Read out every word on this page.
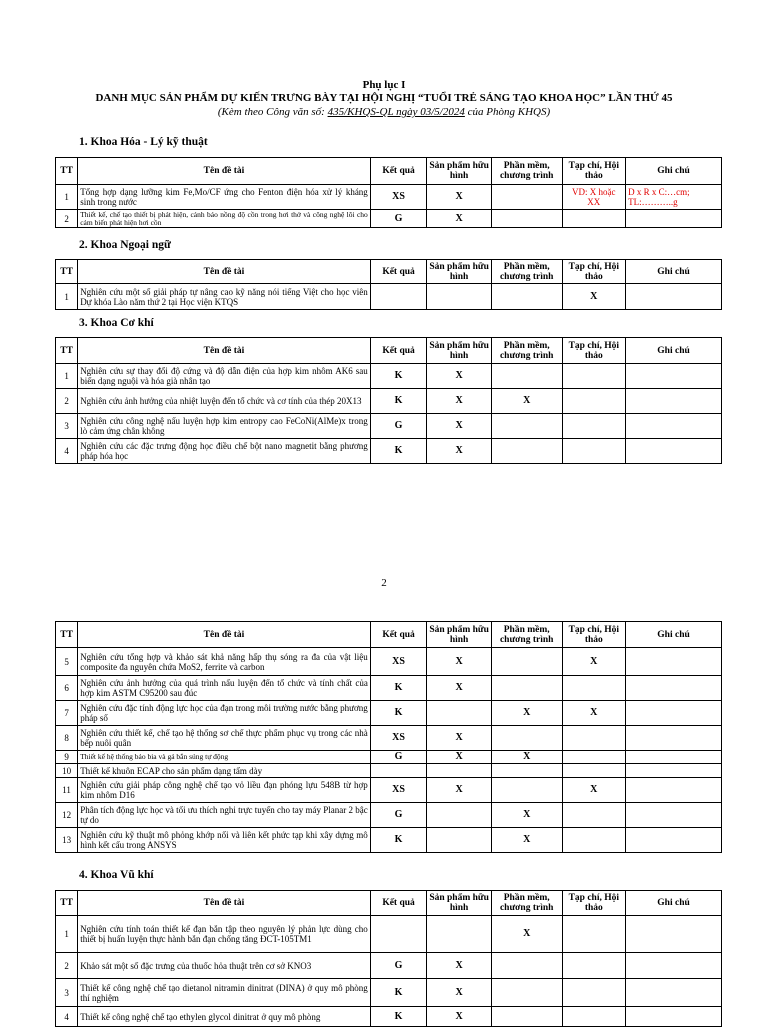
Phụ lục I
DANH MỤC SẢN PHẨM DỰ KIẾN TRƯNG BÀY TẠI HỘI NGHỊ “TUỔI TRẺ SÁNG TẠO KHOA HỌC” LẦN THỨ 45
(Kèm theo Công văn số: 435/KHQS-QL ngày 03/5/2024 của Phòng KHQS)
1. Khoa Hóa - Lý kỹ thuật
2. Khoa Ngoại ngữ
3. Khoa Cơ khí
4. Khoa Vũ khí
2
TT	Tên đề tài	Kết quả	Sản phẩm hữu hình	Phần mềm, chương trình	Tạp chí, Hội thảo	Ghi chú
1	Tổng hợp dạng lưỡng kim Fe,Mo/CF ứng cho Fenton điện hóa xử lý kháng sinh trong nước	XS	X		VD: X hoặc XX	D x R x C:…cm; TL:………..g
2	Thiết kế, chế tạo thiết bị phát hiện, cảnh báo nồng độ cồn trong hơi thở và công nghệ lõi cho cảm biến phát hiện hơi cồn	G	X			
TT	Tên đề tài	Kết quả	Sản phẩm hữu hình	Phần mềm, chương trình	Tạp chí, Hội thảo	Ghi chú
1	Nghiên cứu một số giải pháp tự nâng cao kỹ năng nói tiếng Việt cho học viên Dự khóa Lào năm thứ 2 tại Học viện KTQS				X	
TT	Tên đề tài	Kết quả	Sản phẩm hữu hình	Phần mềm, chương trình	Tạp chí, Hội thảo	Ghi chú
1	Nghiên cứu sự thay đổi độ cứng và độ dẫn điện của hợp kim nhôm AK6 sau biến dạng nguội và hóa già nhân tạo	K	X			
2	Nghiên cứu ảnh hưởng của nhiệt luyện đến tổ chức và cơ tính của thép 20X13	K	X	X		
3	Nghiên cứu công nghệ nấu luyện hợp kim entropy cao FeCoNi(AlMe)x trong lò cảm ứng chân không	G	X			
4	Nghiên cứu các đặc trưng động học điều chế bột nano magnetit bằng phương pháp hóa học	K	X			
TT	Tên đề tài	Kết quả	Sản phẩm hữu hình	Phần mềm, chương trình	Tạp chí, Hội thảo	Ghi chú
5	Nghiên cứu tổng hợp và khảo sát khả năng hấp thụ sóng ra đa của vật liệu composite đa nguyên chứa MoS2, ferrite và carbon	XS	X		X	
6	Nghiên cứu ảnh hưởng của quá trình nấu luyện đến tổ chức và tính chất của hợp kim ASTM C95200 sau đúc	K	X			
7	Nghiên cứu đặc tính động lực học của đạn trong môi trường nước bằng phương pháp số	K		X	X	
8	Nghiên cứu thiết kế, chế tạo hệ thống sơ chế thực phẩm phục vụ trong các nhà bếp nuôi quân	XS	X			
9	Thiết kế hệ thống bảo bia và gá bắn súng tự động	G	X	X		
10	Thiết kế khuôn ECAP cho sản phẩm dạng tấm dày					
11	Nghiên cứu giải pháp công nghệ chế tạo vỏ liều đạn phóng lựu 548B từ hợp kim nhôm D16	XS	X		X	
12	Phân tích động lực học và tối ưu thích nghi trực tuyến cho tay máy Planar 2 bậc tự do	G		X		
13	Nghiên cứu kỹ thuật mô phỏng khớp nối và liên kết phức tạp khi xây dựng mô hình kết cấu trong ANSYS	K		X		
TT	Tên đề tài	Kết quả	Sản phẩm hữu hình	Phần mềm, chương trình	Tạp chí, Hội thảo	Ghi chú
1	Nghiên cứu tính toán thiết kế đạn bắn tập theo nguyên lý phản lực dùng cho thiết bị huấn luyện thực hành bắn đạn chống tăng ĐCT-105TM1			X		
2	Khảo sát một số đặc trưng của thuốc hỏa thuật trên cơ sở KNO3	G	X			
3	Thiết kế công nghệ chế tạo dietanol nitramin dinitrat (DINA) ở quy mô phòng thí nghiệm	K	X			
4	Thiết kế công nghệ chế tạo ethylen glycol dinitrat ở quy mô phòng	K	X			
